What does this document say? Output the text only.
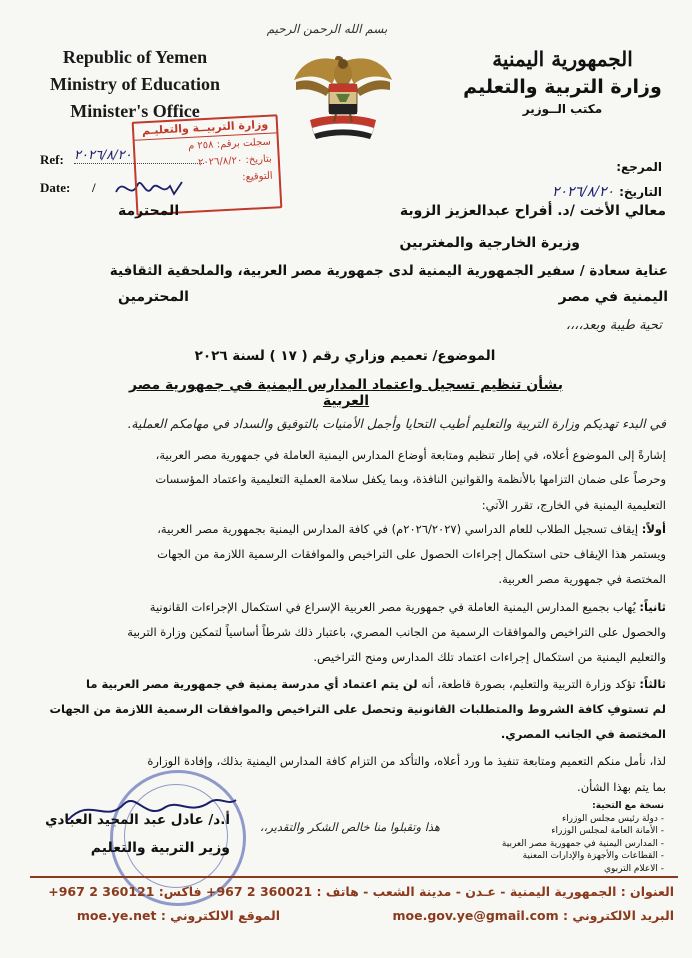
بسم الله الرحمن الرحيم
Republic of Yemen
Ministry of Education
Minister's Office
الجمهورية اليمنية
وزارة التربية والتعليم
مكتب الــوزير
Ref: ٢٠٢٦/٨/٢٠
Date: /
وزارة التربيــة والتعليـم
سجلت برقم: ٢٥٨ م
بتاريخ: ٢٠٢٦/٨/٢٠
التوقيع:
المرجع:
التاريخ: ٢٠٢٦/٨/٢٠
معالي الأخت /د. أفراح عبدالعزيز الزوبة
المحترمة
وزيرة الخارجية والمغتربين
عناية سعادة / سفير الجمهورية اليمنية لدى جمهورية مصر العربية، والملحقية الثقافية
اليمنية في مصر
المحترمين
تحية طيبة وبعد،،،،
الموضوع/ تعميم وزاري رقم ( ١٧ ) لسنة ٢٠٢٦
بشأن تنظيم تسجيل واعتماد المدارس اليمنية في جمهورية مصر العربية
في البدء تهديكم وزارة التربية والتعليم أطيب التحايا وأجمل الأمنيات بالتوفيق والسداد في مهامكم العملية.
إشارةً إلى الموضوع أعلاه، ﻓﻲ إطار تنظيم ومتابعة أوضاع المدارس اليمنية العاملة ﻓﻲ جمهورية مصر العربية،
وحرصاً على ضمان التزامها بالأنظمة والقوانين النافذة، وبما يكفل سلامة العملية التعليمية واعتماد المؤسسات
التعليمية اليمنية ﻓﻲ الخارج، تقرر الآتي:
أولاً: إيقاف تسجيل الطلاب للعام الدراسي (٢٠٢٦/٢٠٢٧م) ﻓﻲ كافة المدارس اليمنية بجمهورية مصر العربية،
ويستمر هذا الإيقاف حتى استكمال إجراءات الحصول على التراخيص والموافقات الرسمية اللازمة من الجهات
المختصة ﻓﻲ جمهورية مصر العربية.
ثانياً: يُهاب بجميع المدارس اليمنية العاملة ﻓﻲ جمهورية مصر العربية الإسراع ﻓﻲ استكمال الإجراءات القانونية
والحصول على التراخيص والموافقات الرسمية من الجانب المصري، باعتبار ذلك شرطاً أساسياً لتمكين وزارة التربية
والتعليم اليمنية من استكمال إجراءات اعتماد تلك المدارس ومنح التراخيص.
ثالثاً: تؤكد وزارة التربية والتعليم، بصورة قاطعة، أنه لن يتم اعتماد أي مدرسة يمنية ﻓﻲ جمهورية مصر العربية ما
لم تستوفِ كافة الشروط والمتطلبات القانونية وتحصل على التراخيص والموافقات الرسمية اللازمة من الجهات
المختصة ﻓﻲ الجانب المصري.
لذا، نأمل منكم التعميم ومتابعة تنفيذ ما ورد أعلاه، والتأكد من التزام كافة المدارس اليمنية بذلك، وإفادة الوزارة
بما يتم بهذا الشأن.
أ.د/ عادل عبد المجيد العبادي
وزير التربية والتعليم
هذا وتقبلوا منا خالص الشكر والتقدير،،
نسخة مع التحية:
- دولة رئيس مجلس الوزراء
- الأمانة العامة لمجلس الوزراء
- المدارس اليمنية في جمهورية مصر العربية
- القطاعات والأجهزة والإدارات المعنية
- الاعلام التربوي
العنوان : الجمهورية اليمنية - عـدن - مدينة الشعب - هاتف : 360021 2 967+ فاكس: 360121 2 967+
البريد الالكتروني : moe.gov.ye@gmail.com
الموقع الالكتروني : moe.ye.net
